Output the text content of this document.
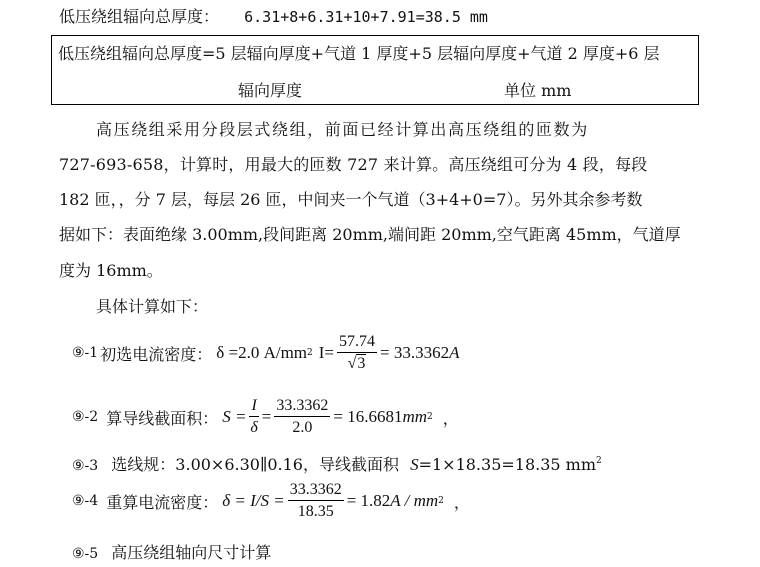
低压绕组辐向总厚度： 6.31+8+6.31+10+7.91=38.5 mm
低压绕组辐向总厚度=5 层辐向厚度+气道 1 厚度+5 层辐向厚度+气道 2 厚度+6 层
辐向厚度	单位 mm
高压绕组采用分段层式绕组，前面已经计算出高压绕组的匝数为
727-693-658，计算时，用最大的匝数 727 来计算。高压绕组可分为 4 段，每段
182 匝，，分 7 层，每层 26 匝，中间夹一个气道（3+4+0=7）。另外其余参考数
据如下：表面绝缘 3.00mm,段间距离 20mm,端间距 20mm,空气距离 45mm，气道厚
度为 16mm。
具体计算如下：
⑨-1 初选电流密度： δ =2.0 A/mm 2 $I= \frac{57.74}{√3} = 33.3362$ A
⑨-2 算导线截面积： $S = \frac{I}{\delta} = \frac{33.3362}{2.0} = 16.6681$ mm 2 ，
⑨-3 选线规：3.00×6.30∥0.16，导线截面积 S=1×18.35=18.35 $mm^2$
⑨-4 重算电流密度： $\delta = I/S = \frac{33.3362}{18.35} = 1.82$ A / mm 2 ，
⑨-5 高压绕组轴向尺寸计算
